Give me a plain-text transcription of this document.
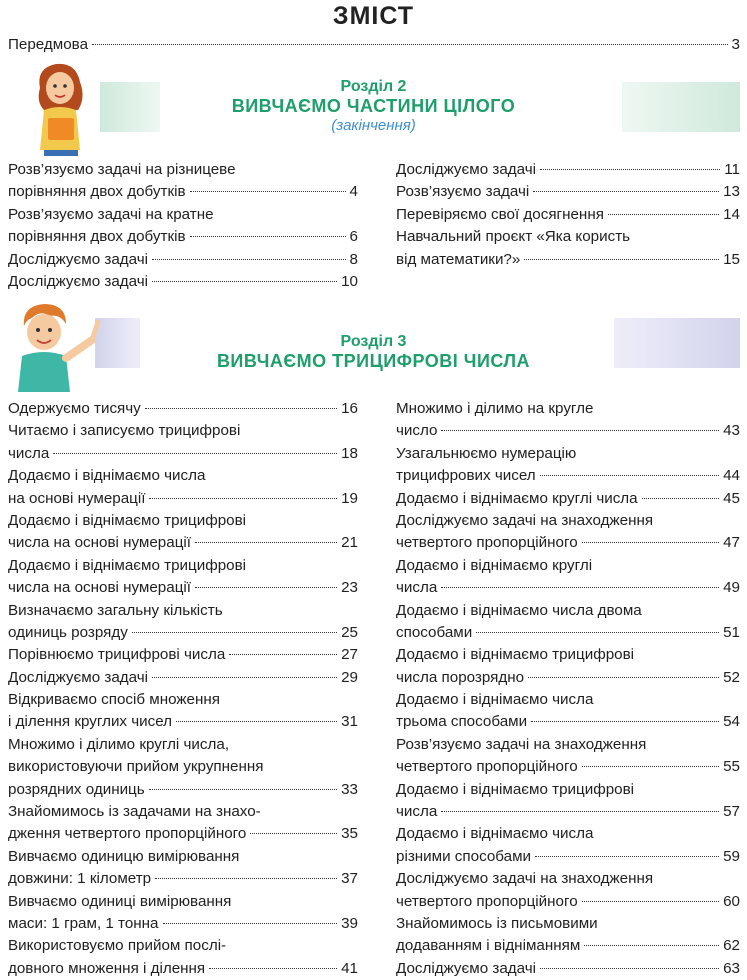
ЗМІСТ
Передмова	3
Розділ 2
ВИВЧАЄМО ЧАСТИНИ ЦІЛОГО
(закінчення)
Розв’язуємо задачі на різницеве
порівняння двох добутків	4
Розв’язуємо задачі на кратне
порівняння двох добутків	6
Досліджуємо задачі	8
Досліджуємо задачі	10
Досліджуємо задачі	11
Розв’язуємо задачі	13
Перевіряємо свої досягнення	14
Навчальний проєкт «Яка користь
від математики?»	15
Розділ 3
ВИВЧАЄМО ТРИЦИФРОВІ ЧИСЛА
Одержуємо тисячу	16
Читаємо і записуємо трицифрові
числа	18
Додаємо і віднімаємо числа
на основі нумерації	19
Додаємо і віднімаємо трицифрові
числа на основі нумерації	21
Додаємо і віднімаємо трицифрові
числа на основі нумерації	23
Визначаємо загальну кількість
одиниць розряду	25
Порівнюємо трицифрові числа	27
Досліджуємо задачі	29
Відкриваємо спосіб множення
і ділення круглих чисел	31
Множимо і ділимо круглі числа,
використовуючи прийом укрупнення
розрядних одиниць	33
Знайомимось із задачами на знахо-
дження четвертого пропорційного	35
Вивчаємо одиницю вимірювання
довжини: 1 кілометр	37
Вивчаємо одиниці вимірювання
маси: 1 грам, 1 тонна	39
Використовуємо прийом послі-
довного множення і ділення	41
Множимо і ділимо на круглe
число	43
Узагальнюємо нумерацію
трицифрових чисел	44
Додаємо і віднімаємо круглі числа	45
Досліджуємо задачі на знаходження
четвертого пропорційного	47
Додаємо і віднімаємо круглі
числа	49
Додаємо і віднімаємо числа двома
способами	51
Додаємо і віднімаємо трицифрові
числа порозрядно	52
Додаємо і віднімаємо числа
трьома способами	54
Розв’язуємо задачі на знаходження
четвертого пропорційного	55
Додаємо і віднімаємо трицифрові
числа	57
Додаємо і віднімаємо числа
різними способами	59
Досліджуємо задачі на знаходження
четвертого пропорційного	60
Знайомимось із письмовими
додаванням і відніманням	62
Досліджуємо задачі	63
